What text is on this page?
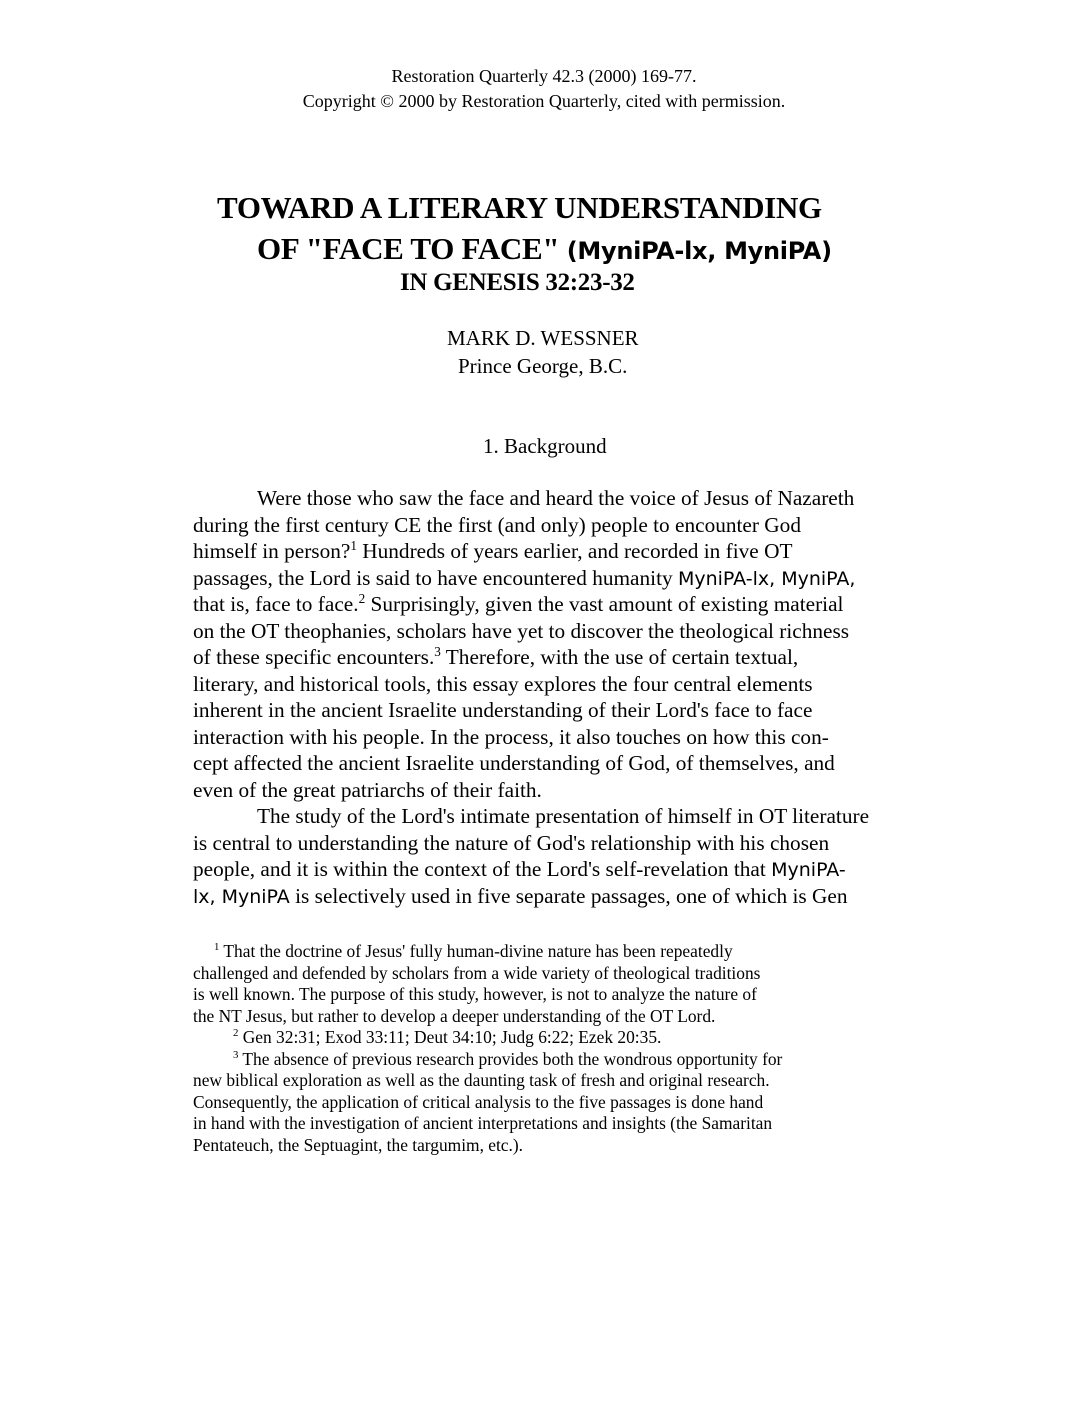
Restoration Quarterly 42.3 (2000) 169-77.
Copyright © 2000 by Restoration Quarterly, cited with permission.
TOWARD A LITERARY UNDERSTANDING
OF "FACE TO FACE" (MyniPA-lx, MyniPA)
IN GENESIS 32:23-32
MARK D. WESSNER
Prince George, B.C.
1. Background
Were those who saw the face and heard the voice of Jesus of Nazareth
during the first century CE the first (and only) people to encounter God
himself in person?$^1$ Hundreds of years earlier, and recorded in five OT
passages, the Lord is said to have encountered humanity MyniPA-lx, MyniPA,
that is, face to face.$^2$ Surprisingly, given the vast amount of existing material
on the OT theophanies, scholars have yet to discover the theological richness
of these specific encounters.$^3$ Therefore, with the use of certain textual,
literary, and historical tools, this essay explores the four central elements
inherent in the ancient Israelite understanding of their Lord's face to face
interaction with his people. In the process, it also touches on how this con-
cept affected the ancient Israelite understanding of God, of themselves, and
even of the great patriarchs of their faith.
The study of the Lord's intimate presentation of himself in OT literature
is central to understanding the nature of God's relationship with his chosen
people, and it is within the context of the Lord's self-revelation that MyniPA-
lx, MyniPA is selectively used in five separate passages, one of which is Gen
$^1$ That the doctrine of Jesus' fully human-divine nature has been repeatedly
challenged and defended by scholars from a wide variety of theological traditions
is well known. The purpose of this study, however, is not to analyze the nature of
the NT Jesus, but rather to develop a deeper understanding of the OT Lord.
$^2$ Gen 32:31; Exod 33:11; Deut 34:10; Judg 6:22; Ezek 20:35.
$^3$ The absence of previous research provides both the wondrous opportunity for
new biblical exploration as well as the daunting task of fresh and original research.
Consequently, the application of critical analysis to the five passages is done hand
in hand with the investigation of ancient interpretations and insights (the Samaritan
Pentateuch, the Septuagint, the targumim, etc.).
